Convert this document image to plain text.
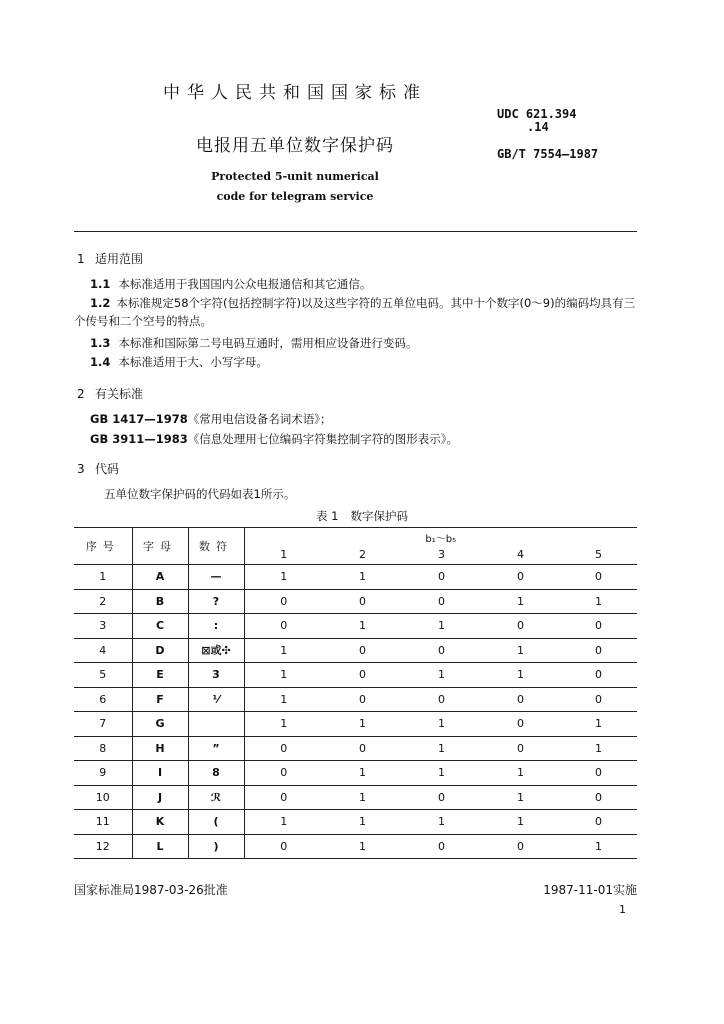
中华人民共和国国家标准
UDC 621.394
.14
电报用五单位数字保护码	GB/T 7554—1987
Protected 5-unit numerical
code for telegram service
1 适用范围
1.1 本标准适用于我国国内公众电报通信和其它通信。
1.2 本标准规定58个字符(包括控制字符)以及这些字符的五单位电码。其中十个数字(0～9)的编码均具有三个传号和二个空号的特点。
1.3 本标准和国际第二号电码互通时，需用相应设备进行变码。
1.4 本标准适用于大、小写字母。
2 有关标准
GB 1417—1978《常用电信设备名词术语》；
GB 3911—1983《信息处理用七位编码字符集控制字符的图形表示》。
3 代码
五单位数字保护码的代码如表1所示。
表 1 数字保护码
序号	字母	数符	b₁～b₅				
			1	2	3	4	5
1	A	—	1	1	0	0	0
2	B	?	0	0	0	1	1
3	C	:	0	1	1	0	0
4	D	⊠或✣	1	0	0	1	0
5	E	3	1	0	1	1	0
6	F	⅟	1	0	0	0	0
7	G		1	1	1	0	1
8	H	”	0	0	1	0	1
9	I	8	0	1	1	1	0
10	J	ℛ	0	1	0	1	0
11	K	(	1	1	1	1	0
12	L	)	0	1	0	0	1
国家标准局1987-03-26批准	1987-11-01实施
1
